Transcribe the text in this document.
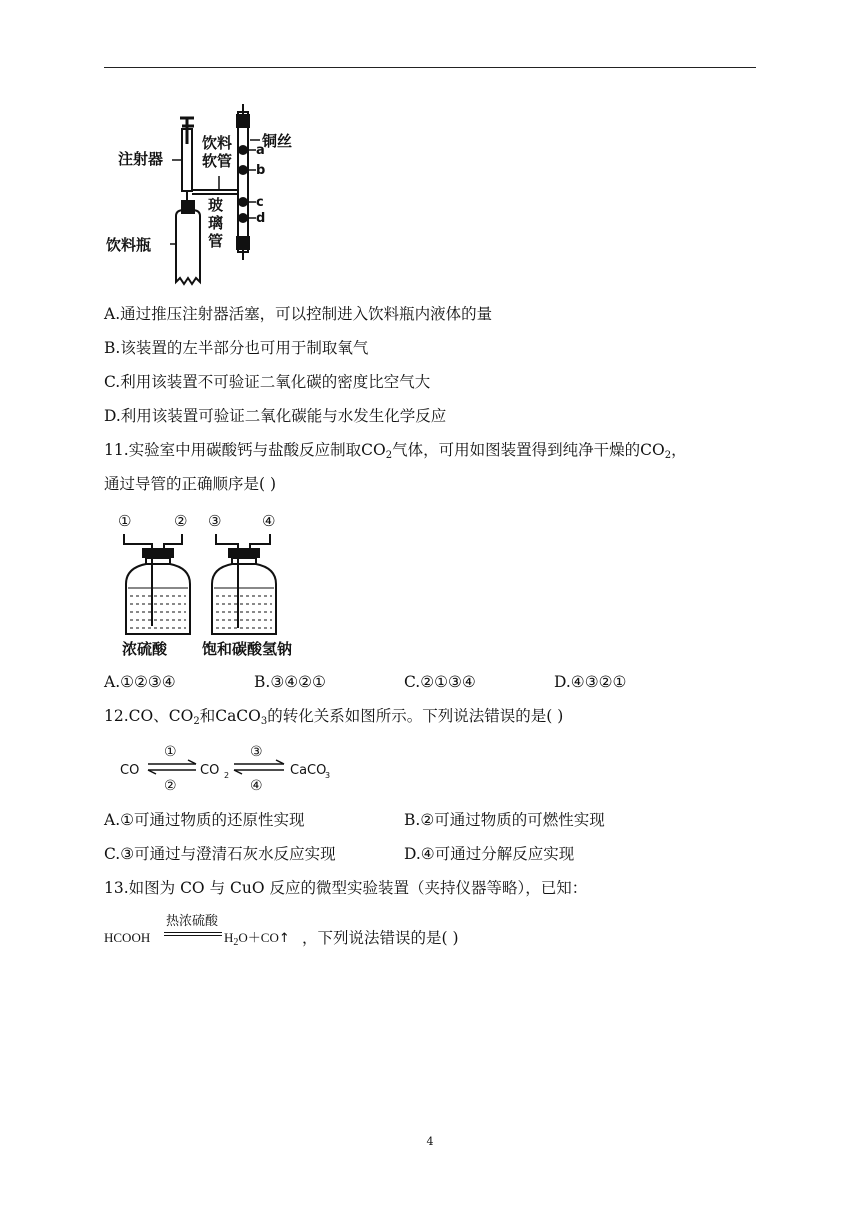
注射器
饮料瓶
饮料
软管
玻
璃
管
铜丝
a
b
c
d
A.通过推压注射器活塞，可以控制进入饮料瓶内液体的量
B.该装置的左半部分也可用于制取氧气
C.利用该装置不可验证二氧化碳的密度比空气大
D.利用该装置可验证二氧化碳能与水发生化学反应
11.实验室中用碳酸钙与盐酸反应制取$CO_2$气体，可用如图装置得到纯净干燥的$CO_2$，
通过导管的正确顺序是( )
①	② ③	④
浓硫酸 饱和碳酸氢钠
A.①②③④	B.③④②①	C.②①③④	D.④③②①
12.CO、$CO_2$和CaCO$_3$的转化关系如图所示。下列说法错误的是( )
CO	CO 2	CaCO
3
①
②
③
④
A.①可通过物质的还原性实现	B.②可通过物质的可燃性实现
C.③可通过与澄清石灰水反应实现	D.④可通过分解反应实现
13.如图为 CO 与 CuO 反应的微型实验装置（夹持仪器等略），已知：
HCOOH
热浓硫酸
$H_2O+CO↑$ ，下列说法错误的是( )
4
